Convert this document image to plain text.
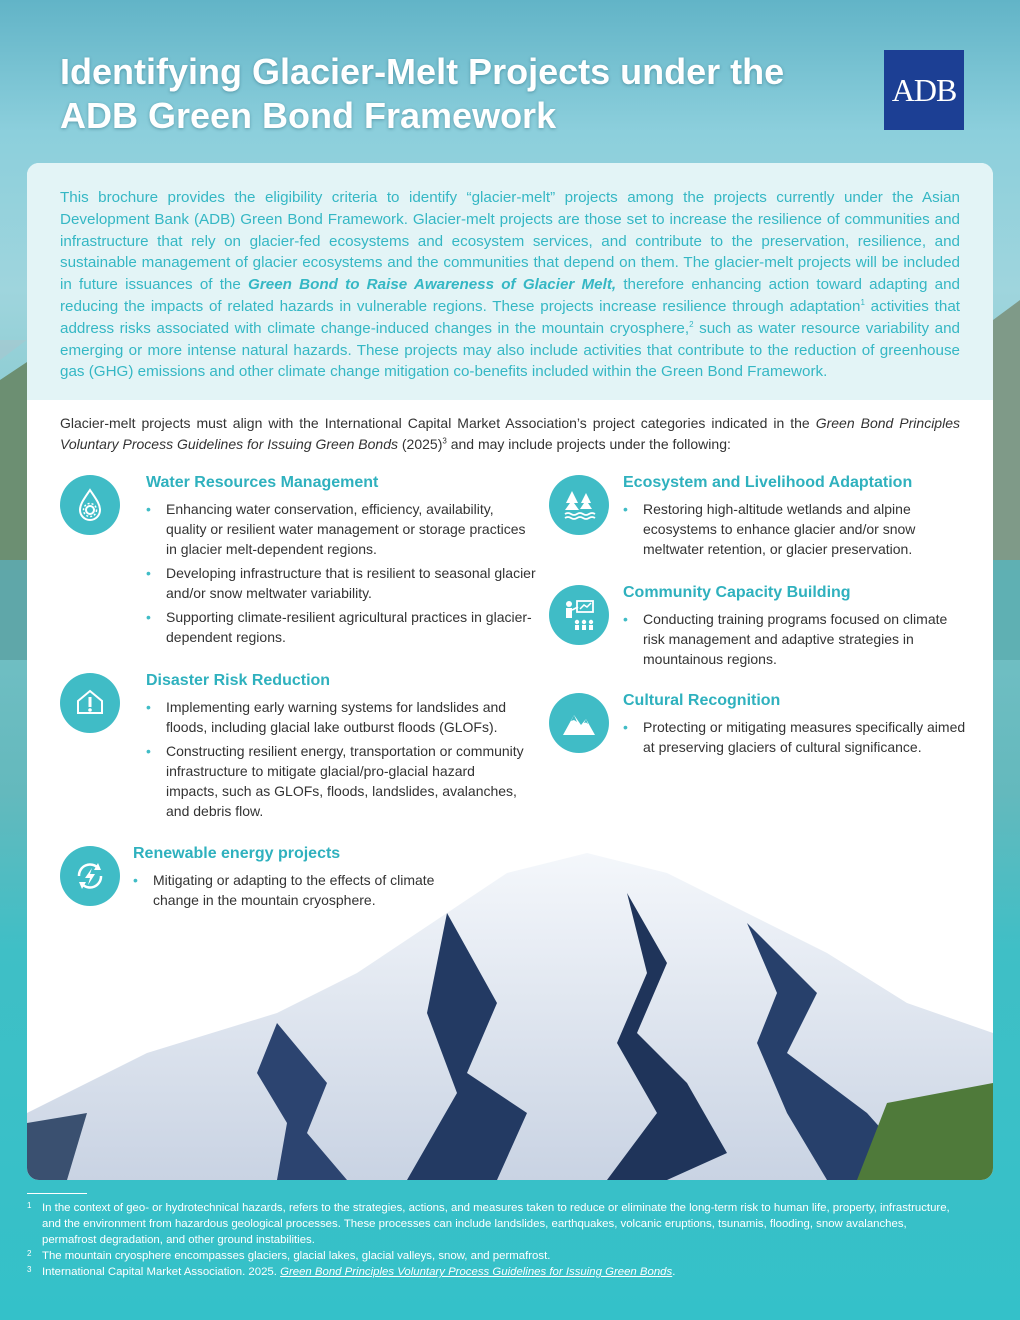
Identifying Glacier-Melt Projects under the ADB Green Bond Framework
ADB
This brochure provides the eligibility criteria to identify “glacier-melt” projects among the projects currently under the Asian Development Bank (ADB) Green Bond Framework. Glacier-melt projects are those set to increase the resilience of communities and infrastructure that rely on glacier-fed ecosystems and ecosystem services, and contribute to the preservation, resilience, and sustainable management of glacier ecosystems and the communities that depend on them. The glacier-melt projects will be included in future issuances of the Green Bond to Raise Awareness of Glacier Melt, therefore enhancing action toward adapting and reducing the impacts of related hazards in vulnerable regions. These projects increase resilience through adaptation$^1$ activities that address risks associated with climate change-induced changes in the mountain cryosphere,$^2$ such as water resource variability and emerging or more intense natural hazards. These projects may also include activities that contribute to the reduction of greenhouse gas (GHG) emissions and other climate change mitigation co-benefits included within the Green Bond Framework.

Glacier-melt projects must align with the International Capital Market Association’s project categories indicated in the Green Bond Principles Voluntary Process Guidelines for Issuing Green Bonds $(2025)^3$ and may include projects under the following:

Water Resources Management
• Enhancing water conservation, efficiency, availability, quality or resilient water management or storage practices in glacier melt-dependent regions.
• Developing infrastructure that is resilient to seasonal glacier and/or snow meltwater variability.
• Supporting climate-resilient agricultural practices in glacier-dependent regions.
Disaster Risk Reduction
• Implementing early warning systems for landslides and floods, including glacial lake outburst floods (GLOFs).
• Constructing resilient energy, transportation or community infrastructure to mitigate glacial/pro-glacial hazard impacts, such as GLOFs, floods, landslides, avalanches, and debris flow.
Renewable energy projects
• Mitigating or adapting to the effects of climate change in the mountain cryosphere.
Ecosystem and Livelihood Adaptation
• Restoring high-altitude wetlands and alpine ecosystems to enhance glacier and/or snow meltwater retention, or glacier preservation.
Community Capacity Building
• Conducting training programs focused on climate risk management and adaptive strategies in mountainous regions.
Cultural Recognition
• Protecting or mitigating measures specifically aimed at preserving glaciers of cultural significance.
1 In the context of geo- or hydrotechnical hazards, refers to the strategies, actions, and measures taken to reduce or eliminate the long-term risk to human life, property, infrastructure, and the environment from hazardous geological processes. These processes can include landslides, earthquakes, volcanic eruptions, tsunamis, flooding, snow avalanches, permafrost degradation, and other ground instabilities.
2 The mountain cryosphere encompasses glaciers, glacial lakes, glacial valleys, snow, and permafrost.
3 International Capital Market Association. 2025. Green Bond Principles Voluntary Process Guidelines for Issuing Green Bonds.
